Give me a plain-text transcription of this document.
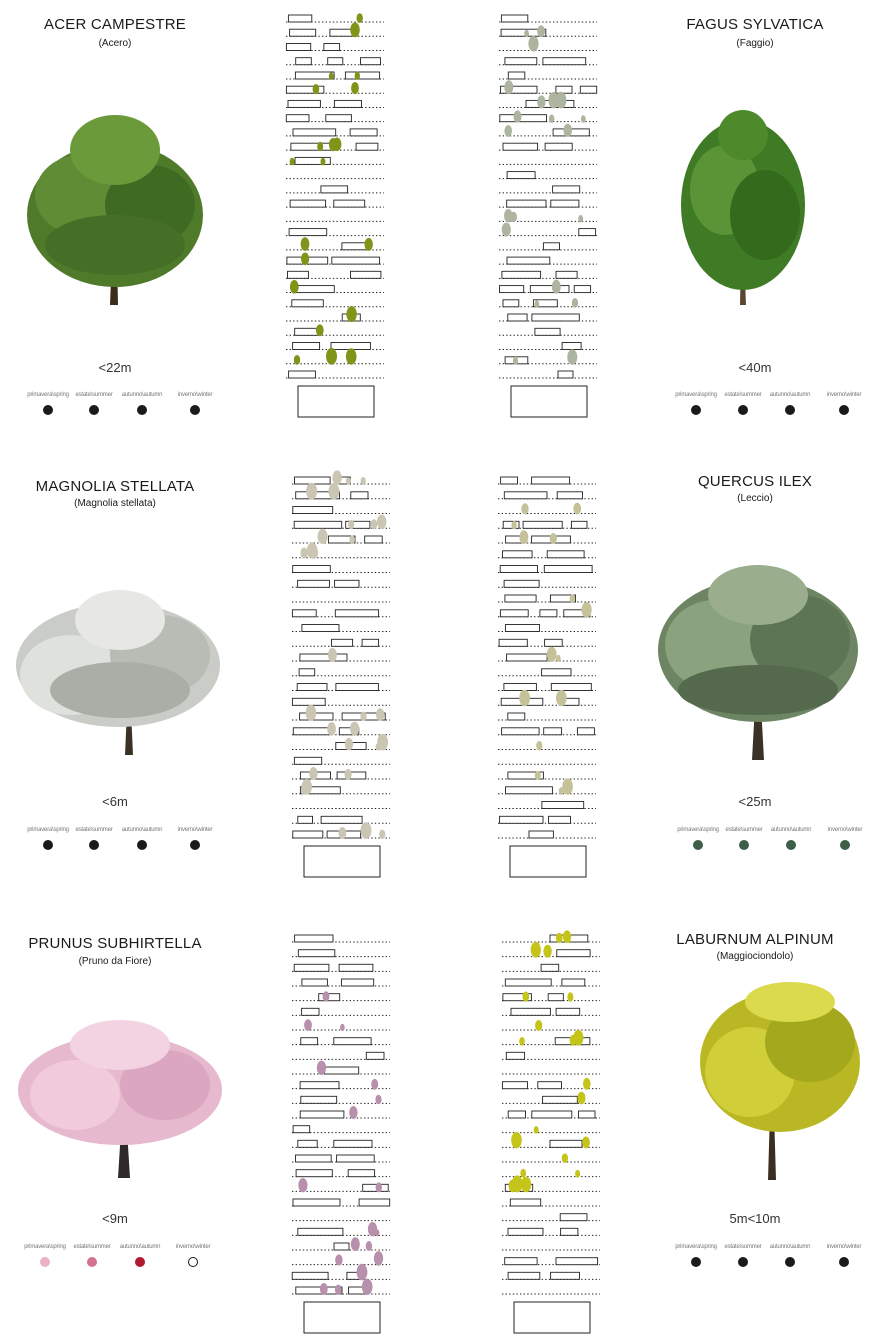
ACER CAMPESTRE
(Acero)
<22m
primavera\spring	estate\summer	autunno\autumn	inverno\winter
FAGUS SYLVATICA
(Faggio)
<40m
primavera\spring	estate\summer	autunno\autumn	inverno\winter
MAGNOLIA STELLATA
(Magnolia stellata)
<6m
primavera\spring	estate\summer	autunno\autumn	inverno\winter
QUERCUS ILEX
(Leccio)
<25m
primavera\spring	estate\summer	autunno\autumn	inverno\winter
PRUNUS SUBHIRTELLA
(Pruno da Fiore)
<9m
primavera\spring	estate\summer	autunno\autumn	inverno\winter
LABURNUM ALPINUM
(Maggiociondolo)
5m<10m
primavera\spring	estate\summer	autunno\autumn	inverno\winter
